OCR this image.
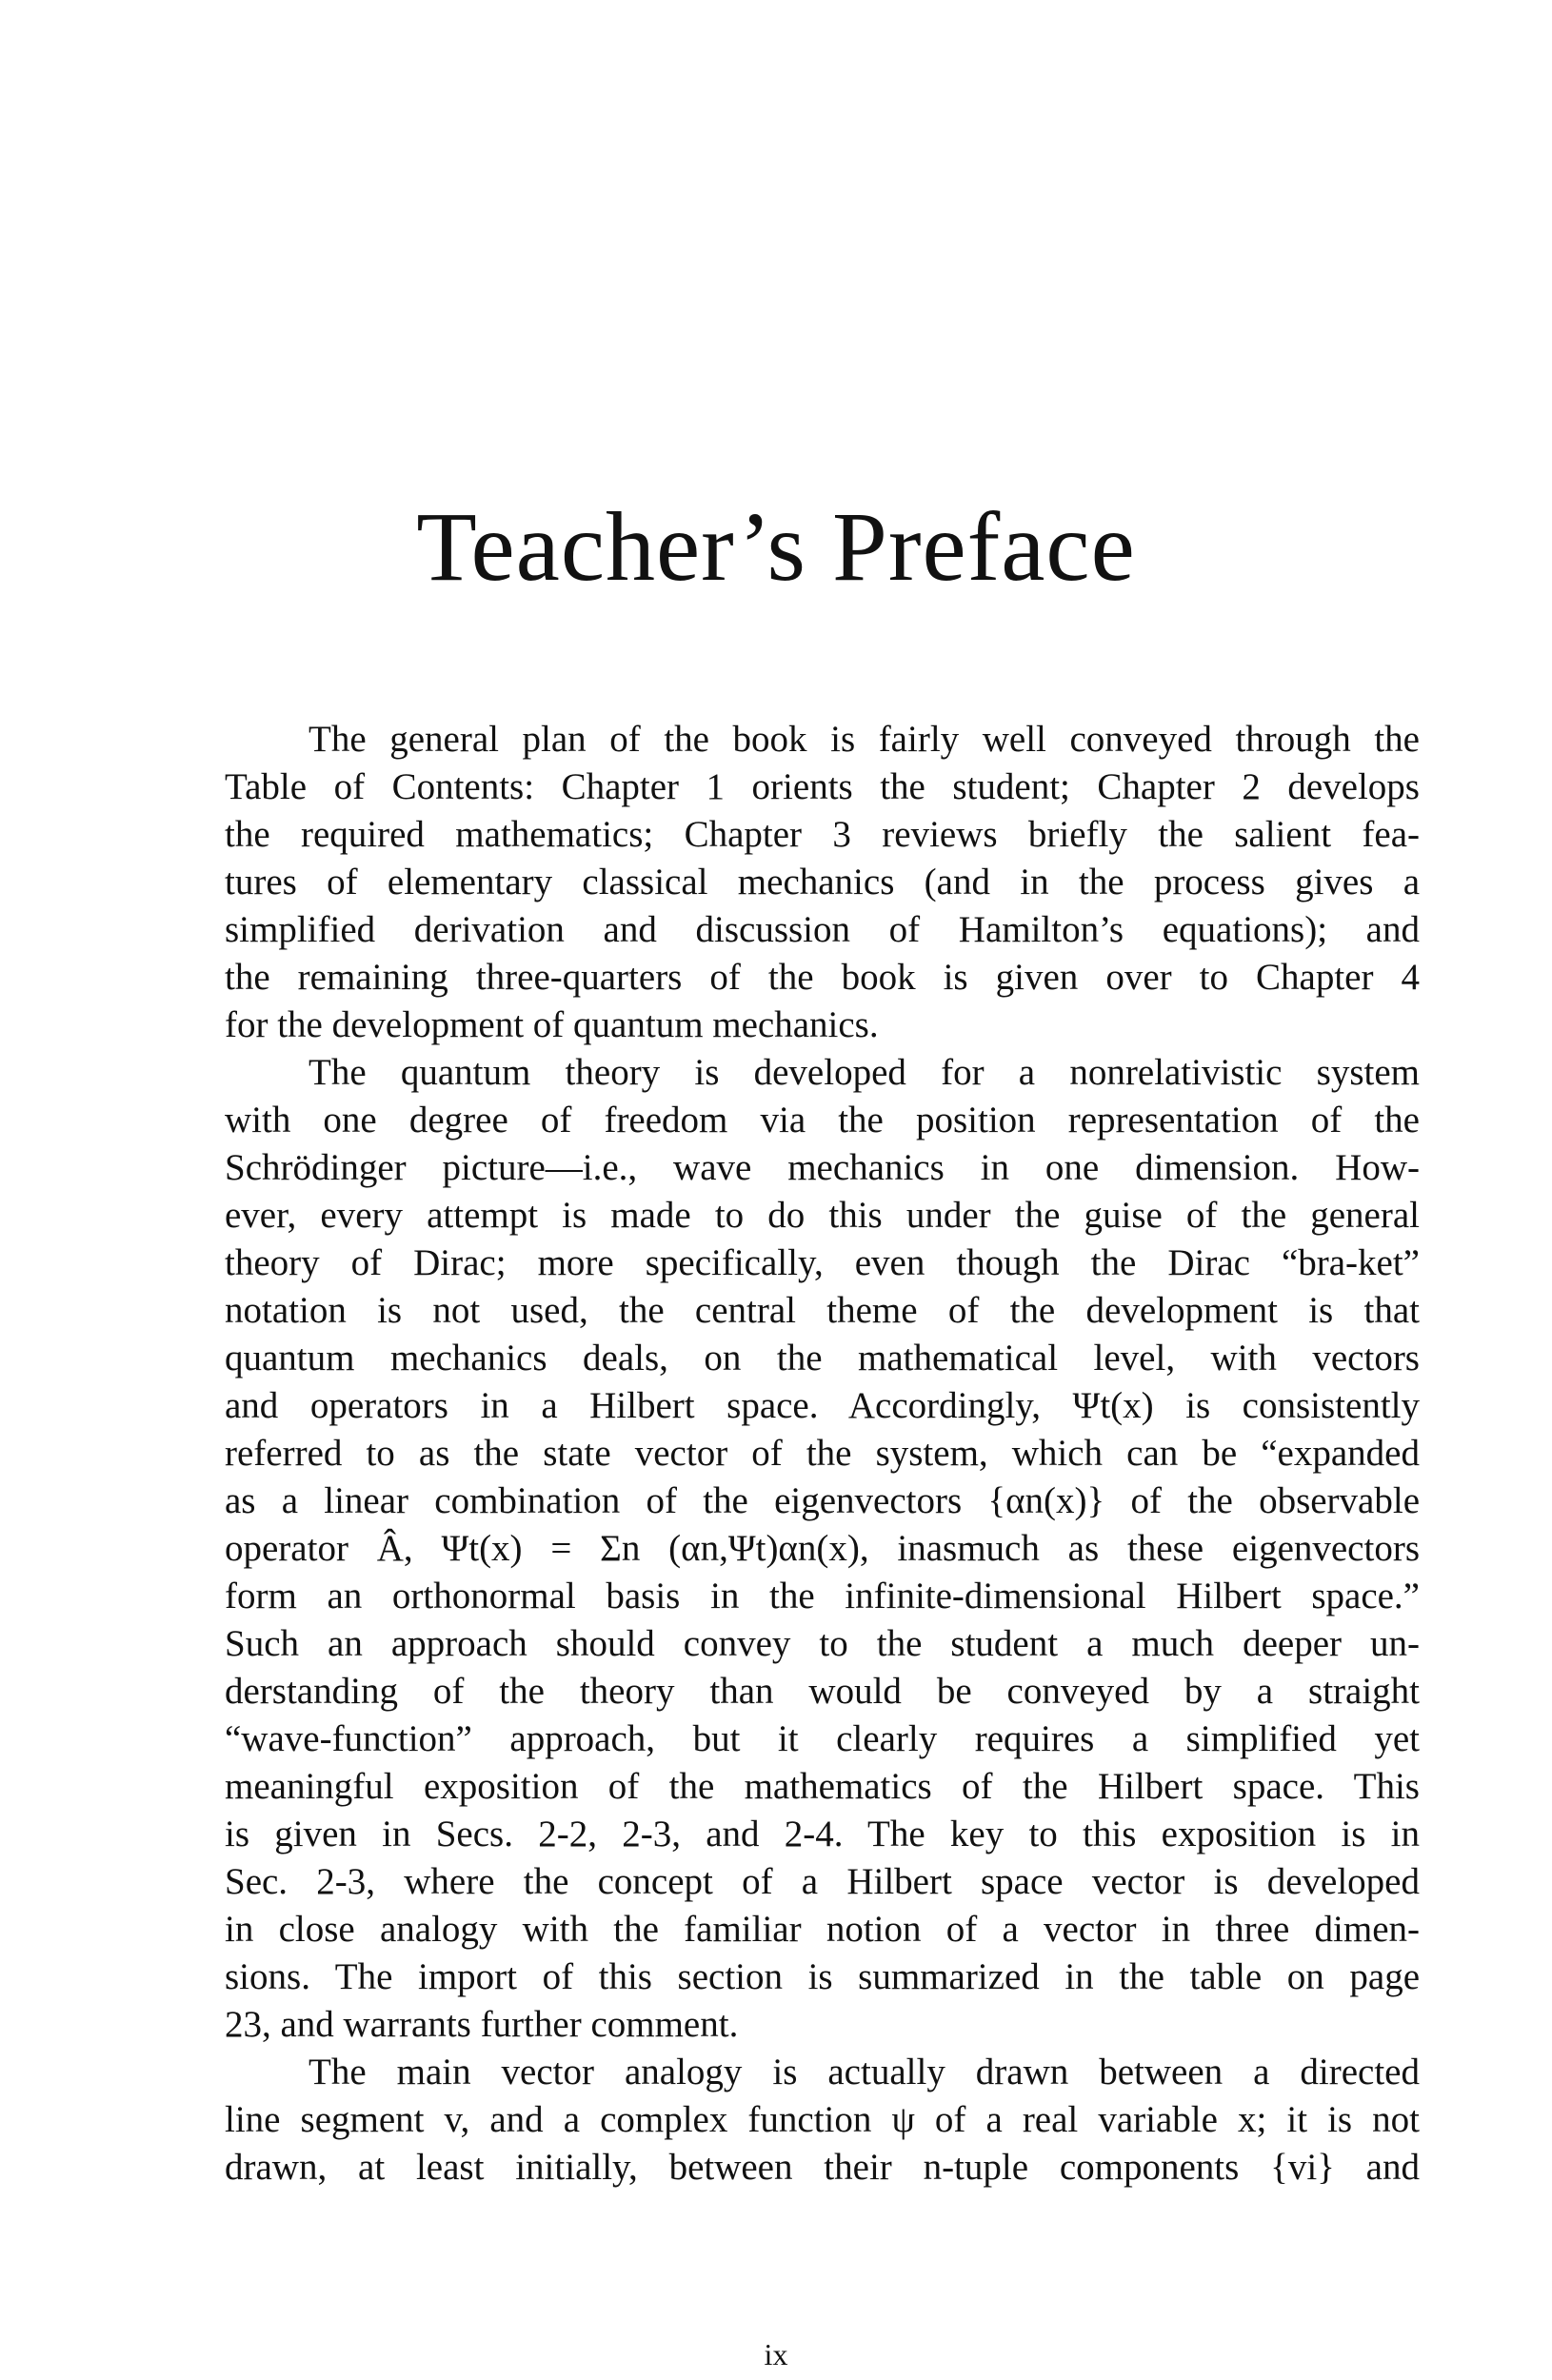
Teacher’s Preface
The general plan of the book is fairly well conveyed through the
Table of Contents: Chapter 1 orients the student; Chapter 2 develops
the required mathematics; Chapter 3 reviews briefly the salient fea-
tures of elementary classical mechanics (and in the process gives a
simplified derivation and discussion of Hamilton’s equations); and
the remaining three-quarters of the book is given over to Chapter 4
for the development of quantum mechanics.
The quantum theory is developed for a nonrelativistic system
with one degree of freedom via the position representation of the
Schrödinger picture—i.e., wave mechanics in one dimension. How-
ever, every attempt is made to do this under the guise of the general
theory of Dirac; more specifically, even though the Dirac “bra-ket”
notation is not used, the central theme of the development is that
quantum mechanics deals, on the mathematical level, with vectors
and operators in a Hilbert space. Accordingly, Ψt(x) is consistently
referred to as the state vector of the system, which can be “expanded
as a linear combination of the eigenvectors {αn(x)} of the observable
operator Â, Ψt(x) = Σn (αn,Ψt)αn(x), inasmuch as these eigenvectors
form an orthonormal basis in the infinite-dimensional Hilbert space.”
Such an approach should convey to the student a much deeper un-
derstanding of the theory than would be conveyed by a straight
“wave-function” approach, but it clearly requires a simplified yet
meaningful exposition of the mathematics of the Hilbert space. This
is given in Secs. 2-2, 2-3, and 2-4. The key to this exposition is in
Sec. 2-3, where the concept of a Hilbert space vector is developed
in close analogy with the familiar notion of a vector in three dimen-
sions. The import of this section is summarized in the table on page
23, and warrants further comment.
The main vector analogy is actually drawn between a directed
line segment v, and a complex function ψ of a real variable x; it is not
drawn, at least initially, between their n-tuple components {vi} and
ix
